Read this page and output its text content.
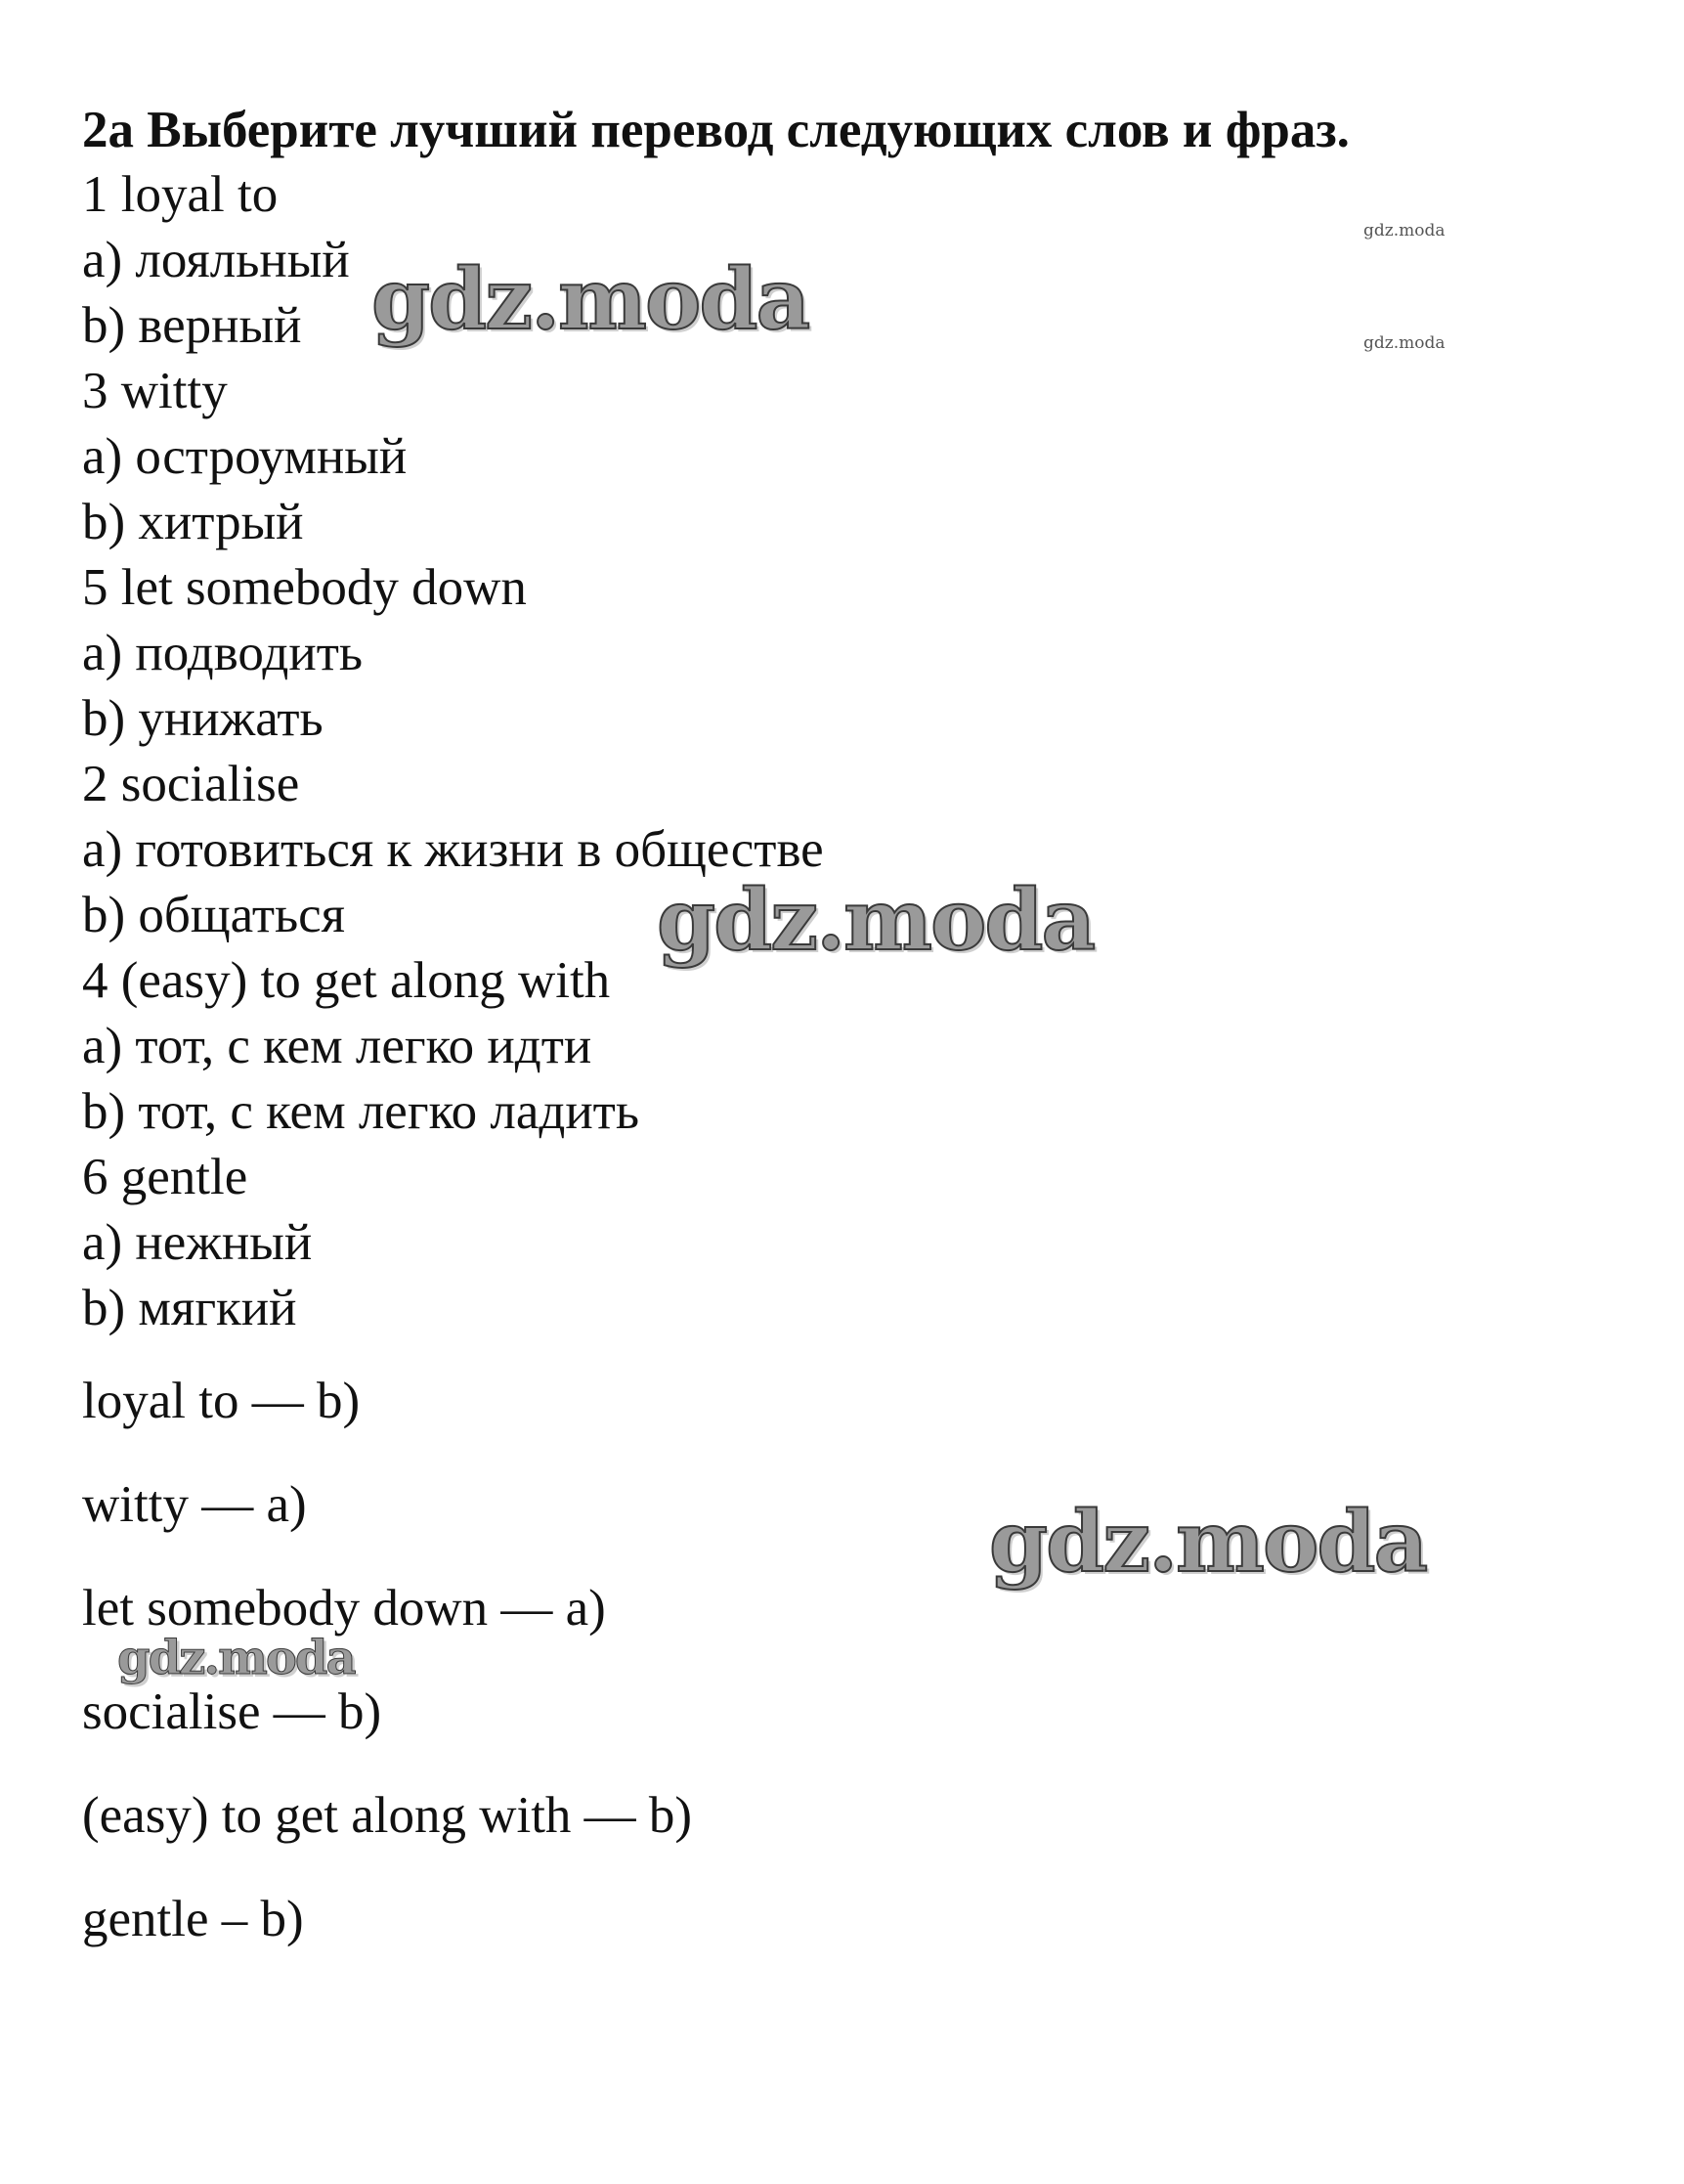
2а Выберите лучший перевод следующих слов и фраз.
1 loyal to
a) лояльный
b) верный
3 witty
a) остроумный
b) хитрый
5 let somebody down
a) подводить
b) унижать
2 socialise
a) готовиться к жизни в обществе
b) общаться
4 (easy) to get along with
a) тот, с кем легко идти
b) тот, с кем легко ладить
6 gentle
a) нежный
b) мягкий
loyal to — b)
witty — a)
let somebody down — a)
socialise — b)
(easy) to get along with — b)
gentle – b)
gdz.moda
gdz.moda
gdz.moda
gdz.moda
gdz.moda
gdz.moda
